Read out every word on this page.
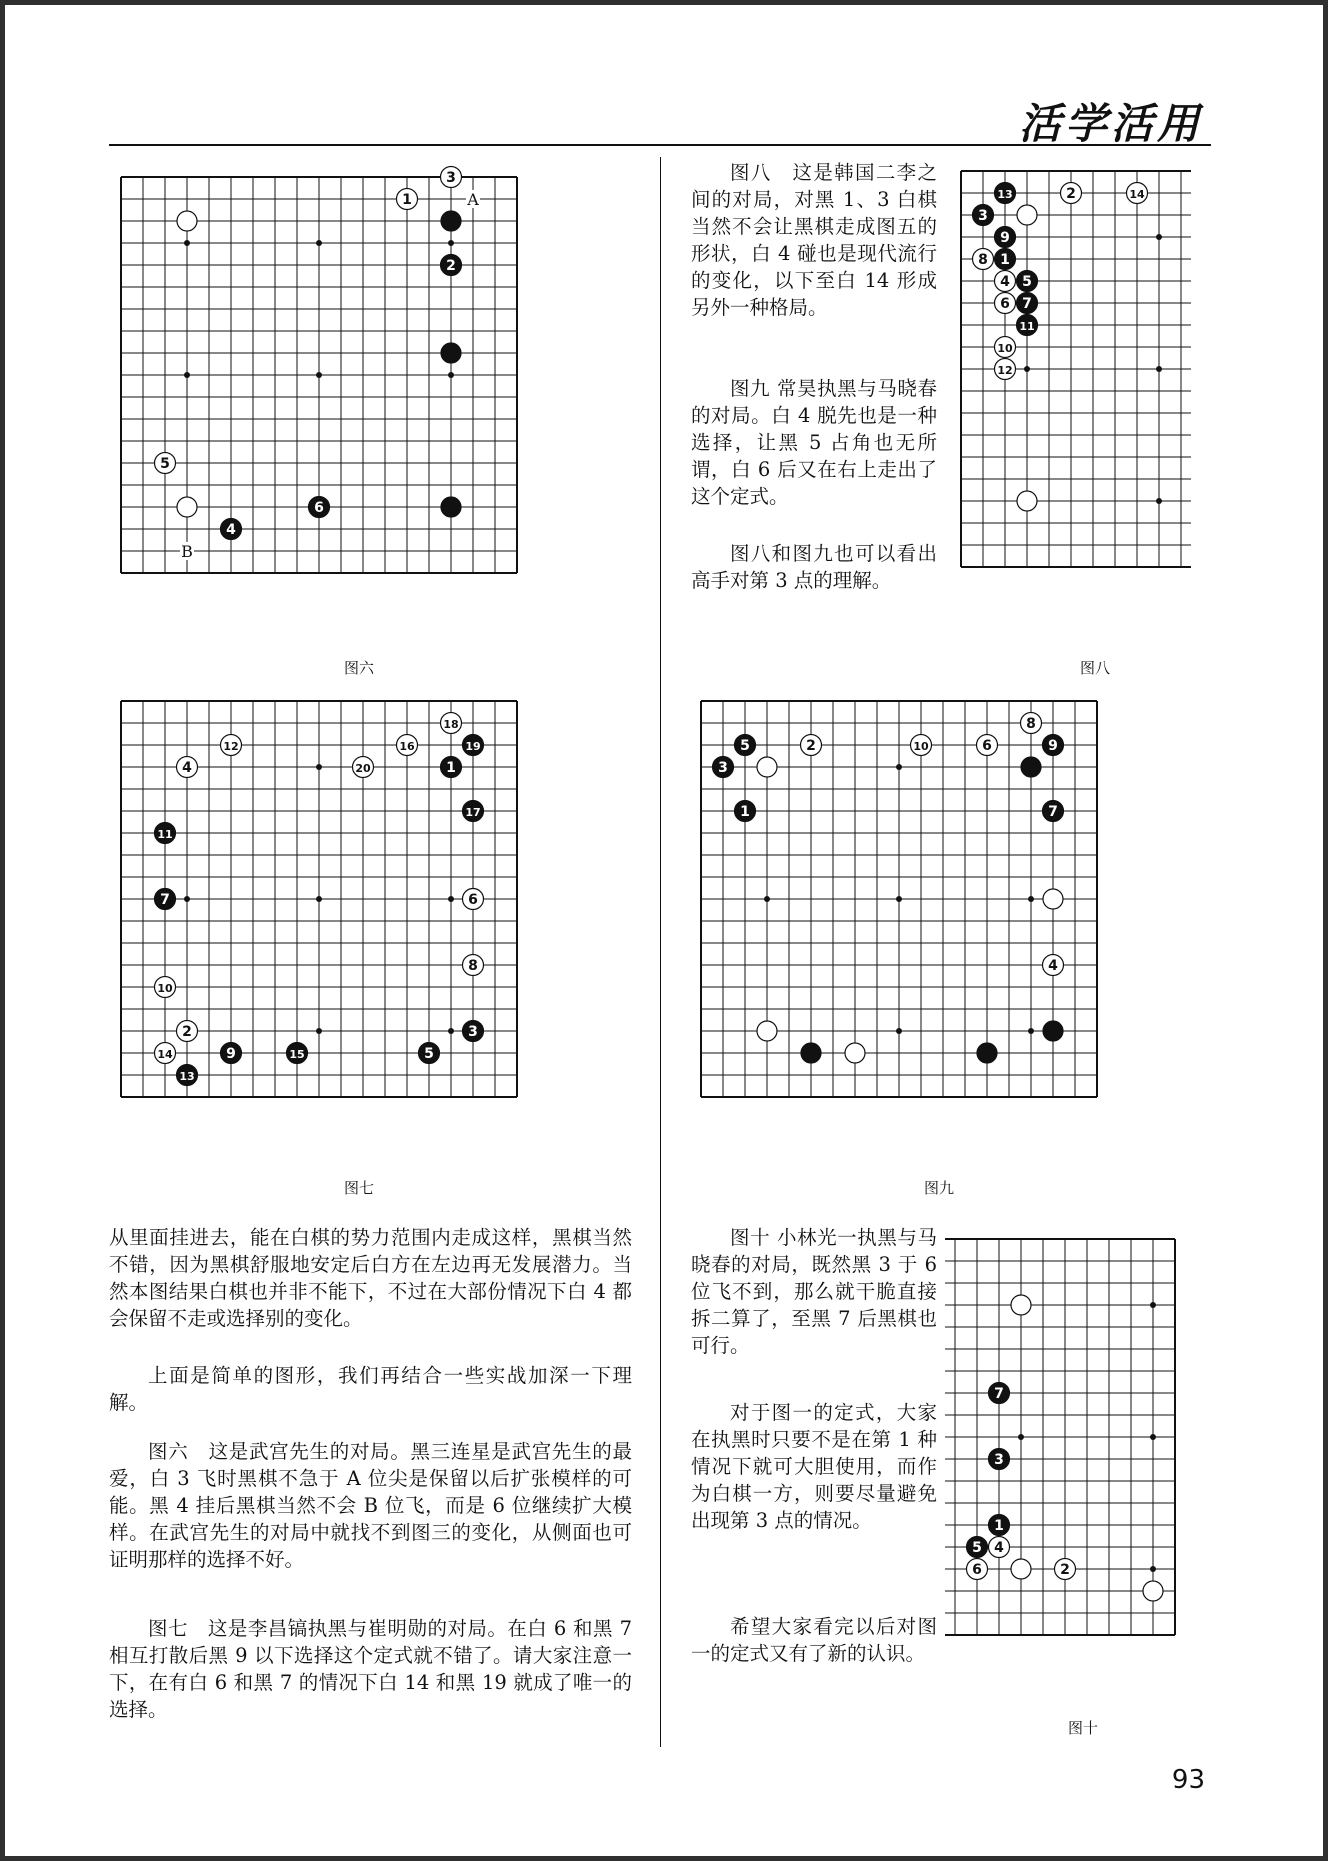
活学活用
3
1
2
5
6
4
A
B
图六
13	2	14
3
9
8 1
4 5
6 7
11
10
12
图八
18
12	16	19
4	20	1
17
11
7	6
8
10
2	3
14	9	15	5
13
图七
8
5	2	10	6	9
3
1	7
4
图九
7
3
1
5 4
6	2
图十

图八　这是韩国二李之间的对局，对黑 1、3 白棋当然不会让黑棋走成图五的形状，白 4 碰也是现代流行的变化，以下至白 14 形成另外一种格局。

图九 常昊执黑与马晓春的对局。白 4 脱先也是一种选择，让黑 5 占角也无所谓，白 6 后又在右上走出了这个定式。

图八和图九也可以看出高手对第 3 点的理解。

从里面挂进去，能在白棋的势力范围内走成这样，黑棋当然不错，因为黑棋舒服地安定后白方在左边再无发展潜力。当然本图结果白棋也并非不能下，不过在大部份情况下白 4 都会保留不走或选择别的变化。

上面是简单的图形，我们再结合一些实战加深一下理解。

图六　这是武宫先生的对局。黑三连星是武宫先生的最爱，白 3 飞时黑棋不急于 A 位尖是保留以后扩张模样的可能。黑 4 挂后黑棋当然不会 B 位飞，而是 6 位继续扩大模样。在武宫先生的对局中就找不到图三的变化，从侧面也可证明那样的选择不好。

图七　这是李昌镐执黑与崔明勋的对局。在白 6 和黑 7 相互打散后黑 9 以下选择这个定式就不错了。请大家注意一下，在有白 6 和黑 7 的情况下白 14 和黑 19 就成了唯一的选择。

图十 小林光一执黑与马晓春的对局，既然黑 3 于 6 位飞不到，那么就干脆直接拆二算了，至黑 7 后黑棋也可行。

对于图一的定式，大家在执黑时只要不是在第 1 种情况下就可大胆使用，而作为白棋一方，则要尽量避免出现第 3 点的情况。

希望大家看完以后对图一的定式又有了新的认识。

93
